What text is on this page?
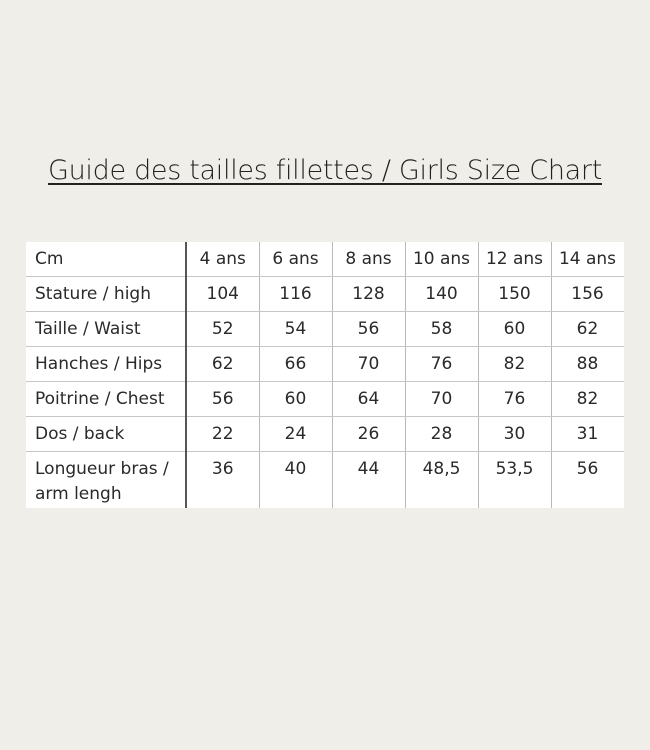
Guide des tailles fillettes / Girls Size Chart
Cm	4 ans	6 ans	8 ans	10 ans	12 ans	14 ans
Stature / high	104	116	128	140	150	156
Taille / Waist	52	54	56	58	60	62
Hanches / Hips	62	66	70	76	82	88
Poitrine / Chest	56	60	64	70	76	82
Dos / back	22	24	26	28	30	31
Longueur bras / arm lengh	36	40	44	48,5	53,5	56
